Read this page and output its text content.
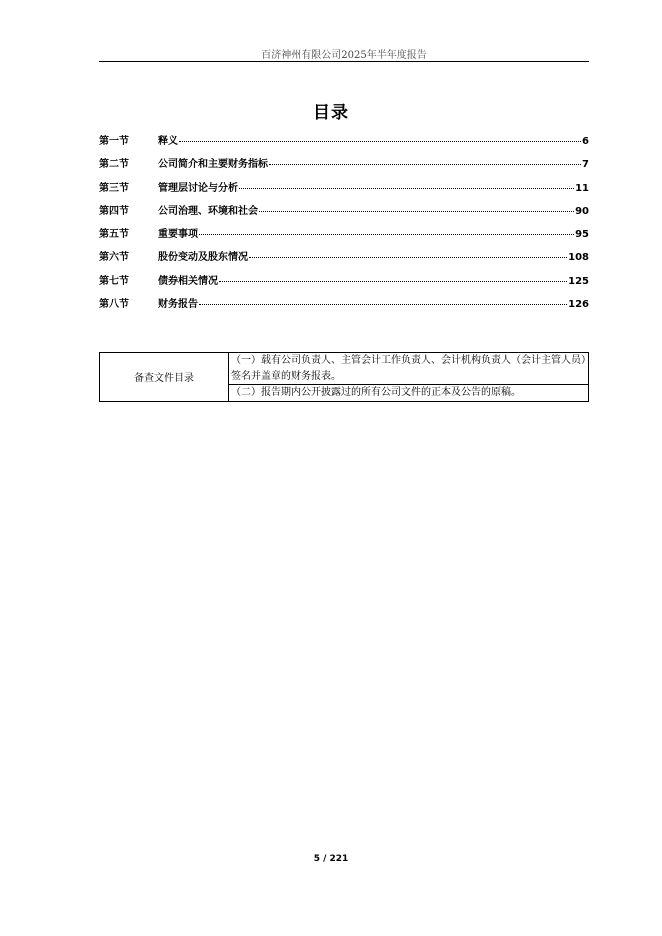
百济神州有限公司2025年半年度报告
目录
第一节	释义	6
第二节	公司简介和主要财务指标	7
第三节	管理层讨论与分析	11
第四节	公司治理、环境和社会	90
第五节	重要事项	95
第六节	股份变动及股东情况	108
第七节	债券相关情况	125
第八节	财务报告	126
备查文件目录	（一）载有公司负责人、主管会计工作负责人、会计机构负责人（会计主管人员）签名并盖章的财务报表。
（二）报告期内公开披露过的所有公司文件的正本及公告的原稿。
5 / 221
